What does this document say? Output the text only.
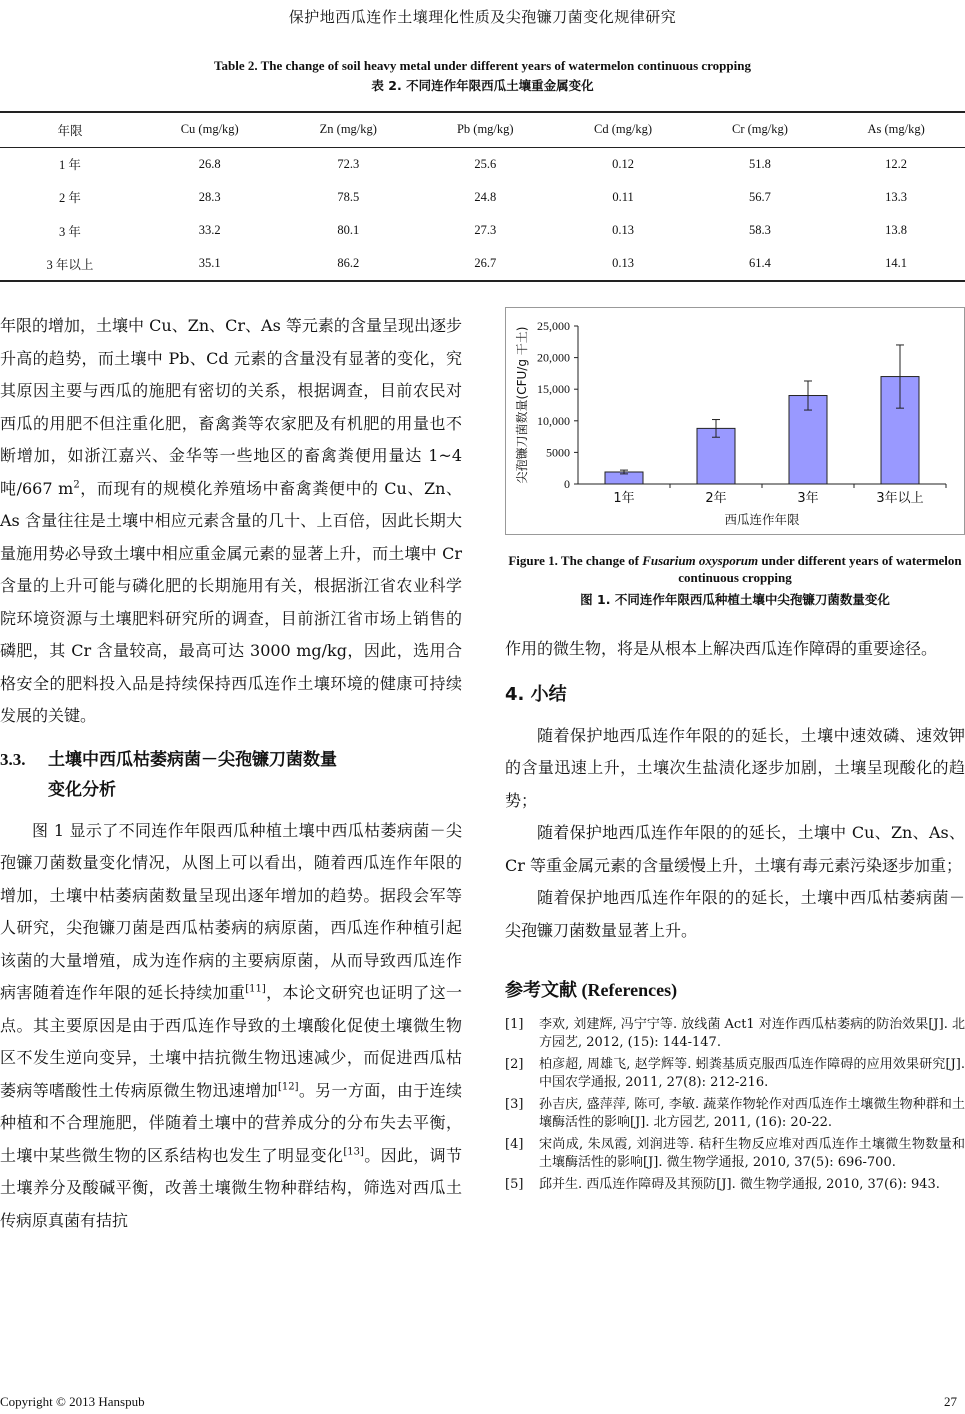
保护地西瓜连作土壤理化性质及尖孢镰刀菌变化规律研究
Table 2. The change of soil heavy metal under different years of watermelon continuous cropping
表 2. 不同连作年限西瓜土壤重金属变化
年限	Cu (mg/kg)	Zn (mg/kg)	Pb (mg/kg)	Cd (mg/kg)	Cr (mg/kg)	As (mg/kg)
1 年	26.8	72.3	25.6	0.12	51.8	12.2
2 年	28.3	78.5	24.8	0.11	56.7	13.3
3 年	33.2	80.1	27.3	0.13	58.3	13.8
3 年以上	35.1	86.2	26.7	0.13	61.4	14.1

年限的增加，土壤中 Cu、Zn、Cr、As 等元素的含量呈现出逐步升高的趋势，而土壤中 Pb、Cd 元素的含量没有显著的变化，究其原因主要与西瓜的施肥有密切的关系，根据调查，目前农民对西瓜的用肥不但注重化肥，畜禽粪等农家肥及有机肥的用量也不断增加，如浙江嘉兴、金华等一些地区的畜禽粪便用量达 1~4 吨/667 $m^2$，而现有的规模化养殖场中畜禽粪便中的 Cu、Zn、As 含量往往是土壤中相应元素含量的几十、上百倍，因此长期大量施用势必导致土壤中相应重金属元素的显著上升，而土壤中 Cr 含量的上升可能与磷化肥的长期施用有关，根据浙江省农业科学院环境资源与土壤肥料研究所的调查，目前浙江省市场上销售的磷肥，其 Cr 含量较高，最高可达 3000 mg/kg，因此，选用合格安全的肥料投入品是持续保持西瓜连作土壤环境的健康可持续发展的关键。

3.3. 土壤中西瓜枯萎病菌－尖孢镰刀菌数量
变化分析

图 1 显示了不同连作年限西瓜种植土壤中西瓜枯萎病菌－尖孢镰刀菌数量变化情况，从图上可以看出，随着西瓜连作年限的增加，土壤中枯萎病菌数量呈现出逐年增加的趋势。据段会军等人研究，尖孢镰刀菌是西瓜枯萎病的病原菌，西瓜连作种植引起该菌的大量增殖，成为连作病的主要病原菌，从而导致西瓜连作病害随着连作年限的延长持续加重[11]，本论文研究也证明了这一点。其主要原因是由于西瓜连作导致的土壤酸化促使土壤微生物区不发生逆向变异，土壤中拮抗微生物迅速减少，而促进西瓜枯萎病等嗜酸性土传病原微生物迅速增加[12]。另一方面，由于连续种植和不合理施肥，伴随着土壤中的营养成分的分布失去平衡，土壤中某些微生物的区系结构也发生了明显变化[13]。因此，调节土壤养分及酸碱平衡，改善土壤微生物种群结构，筛选对西瓜土传病原真菌有拮抗

0
5000
10,000
15,000
20,000
25,000
1年	2年	3年	3年以上
西瓜连作年限
尖孢镰刀菌数量(CFU/g 干土)
Figure 1. The change of Fusarium oxysporum under different years of watermelon continuous cropping
图 1. 不同连作年限西瓜种植土壤中尖孢镰刀菌数量变化

作用的微生物，将是从根本上解决西瓜连作障碍的重要途径。

4. 小结

随着保护地西瓜连作年限的的延长，土壤中速效磷、速效钾的含量迅速上升，土壤次生盐渍化逐步加剧，土壤呈现酸化的趋势；

随着保护地西瓜连作年限的的延长，土壤中 Cu、Zn、As、Cr 等重金属元素的含量缓慢上升，土壤有毒元素污染逐步加重；

随着保护地西瓜连作年限的的延长，土壤中西瓜枯萎病菌－尖孢镰刀菌数量显著上升。

参考文献 (References)
[1]	李欢, 刘建辉, 冯宁宁等. 放线菌 Act1 对连作西瓜枯萎病的防治效果[J]. 北方园艺, 2012, (15): 144-147.
[2]	柏彦超, 周雄飞, 赵学辉等. 蚓粪基质克服西瓜连作障碍的应用效果研究[J]. 中国农学通报, 2011, 27(8): 212-216.
[3]	孙吉庆, 盛萍萍, 陈可, 李敏. 蔬菜作物轮作对西瓜连作土壤微生物种群和土壤酶活性的影响[J]. 北方园艺, 2011, (16): 20-22.
[4]	宋尚成, 朱凤霞, 刘润进等. 秸秆生物反应堆对西瓜连作土壤微生物数量和土壤酶活性的影响[J]. 微生物学通报, 2010, 37(5): 696-700.
[5]	邱并生. 西瓜连作障碍及其预防[J]. 微生物学通报, 2010, 37(6): 943.
Copyright © 2013 Hanspub	27
